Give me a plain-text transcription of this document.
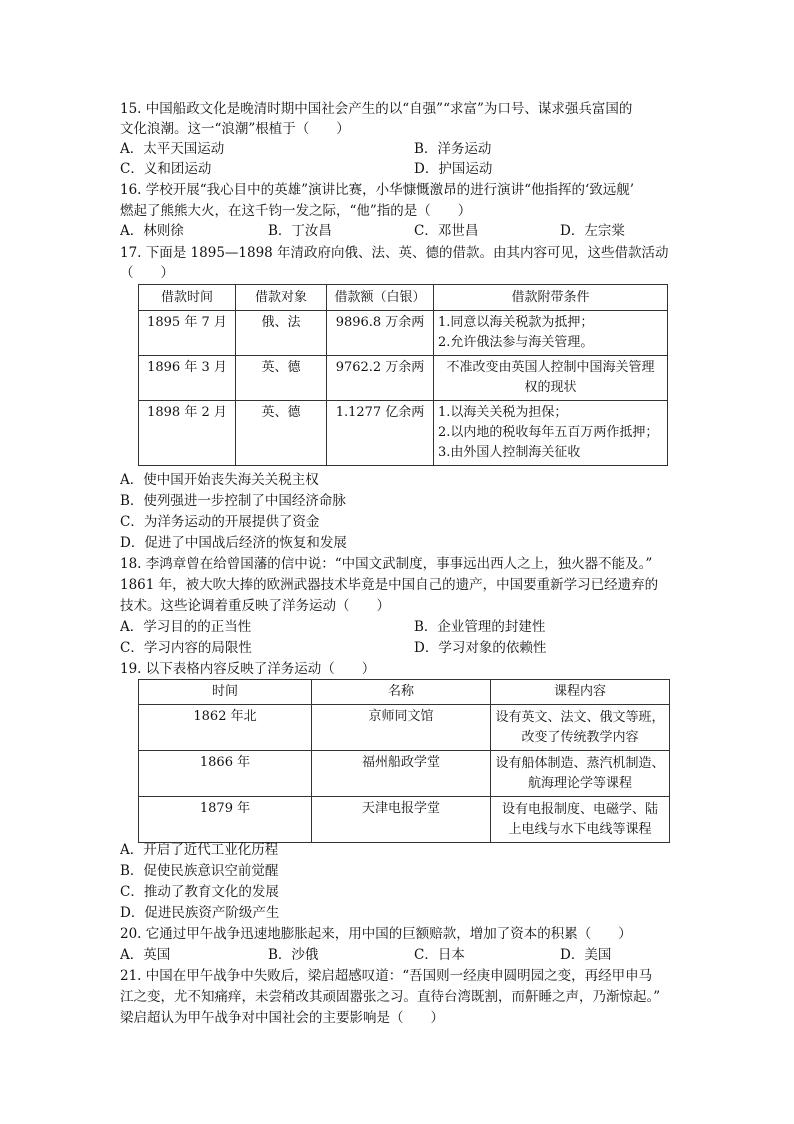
15. 中国船政文化是晚清时期中国社会产生的以“自强”“求富”为口号、谋求强兵富国的
文化浪潮。这一“浪潮”根植于（　　）
A．太平天国运动	B．洋务运动
C．义和团运动	D．护国运动
16. 学校开展“我心目中的英雄”演讲比赛，小华慷慨激昂的进行演讲“他指挥的‘致远舰’
燃起了熊熊大火，在这千钧一发之际，“他”指的是（　　）
A．林则徐	B．丁汝昌	C．邓世昌	D．左宗棠
17. 下面是 1895—1898 年清政府向俄、法、英、德的借款。由其内容可见，这些借款活动
（　　）
借款时间	借款对象	借款额（白银）	借款附带条件
1895 年 7 月	俄、法	9896.8 万余两	1.同意以海关税款为抵押；
2.允许俄法参与海关管理。

1896 年 3 月	英、德	9762.2 万余两	不准改变由英国人控制中国海关管理
权的现状

1898 年 2 月	英、德	1.1277 亿余两	1.以海关关税为担保；
2.以内地的税收每年五百万两作抵押；
3.由外国人控制海关征收
A．使中国开始丧失海关关税主权
B．使列强进一步控制了中国经济命脉
C．为洋务运动的开展提供了资金
D．促进了中国战后经济的恢复和发展
18. 李鸿章曾在给曾国藩的信中说：“中国文武制度，事事远出西人之上，独火器不能及。”
1861 年，被大吹大捧的欧洲武器技术毕竟是中国自己的遗产，中国要重新学习已经遗弃的
技术。这些论调着重反映了洋务运动（　　）
A．学习目的的正当性	B．企业管理的封建性
C．学习内容的局限性	D．学习对象的依赖性
19. 以下表格内容反映了洋务运动（　　）
时间	名称	课程内容
1862 年北	京师同文馆	设有英文、法文、俄文等班，
改变了传统教学内容

1866 年	福州船政学堂	设有船体制造、蒸汽机制造、
航海理论学等课程

1879 年	天津电报学堂	设有电报制度、电磁学、陆
上电线与水下电线等课程
A．开启了近代工业化历程
B．促使民族意识空前觉醒
C．推动了教育文化的发展
D．促进民族资产阶级产生
20. 它通过甲午战争迅速地膨胀起来，用中国的巨额赔款，增加了资本的积累（　　）
A．英国	B．沙俄	C．日本	D．美国
21. 中国在甲午战争中失败后，梁启超感叹道：“吾国则一经庚申圆明园之变，再经甲申马
江之变，尤不知痛痒，未尝稍改其顽固嚣张之习。直待台湾既割，而鼾睡之声，乃渐惊起。”
梁启超认为甲午战争对中国社会的主要影响是（　　）
